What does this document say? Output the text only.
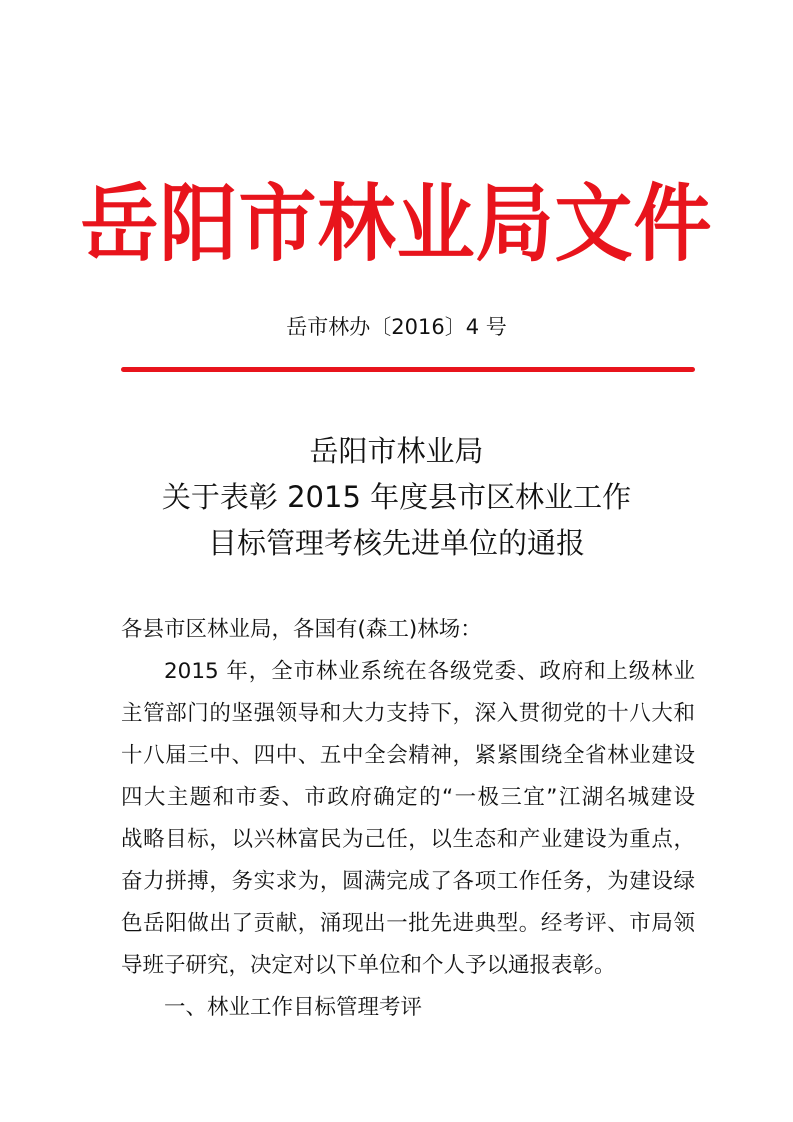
岳阳市林业局文件
岳市林办〔2016〕4 号
岳阳市林业局
关于表彰 2015 年度县市区林业工作
目标管理考核先进单位的通报
各县市区林业局，各国有(森工)林场：
2015 年，全市林业系统在各级党委、政府和上级林业
主管部门的坚强领导和大力支持下，深入贯彻党的十八大和
十八届三中、四中、五中全会精神，紧紧围绕全省林业建设
四大主题和市委、市政府确定的“一极三宜”江湖名城建设
战略目标，以兴林富民为己任，以生态和产业建设为重点，
奋力拼搏，务实求为，圆满完成了各项工作任务，为建设绿
色岳阳做出了贡献，涌现出一批先进典型。经考评、市局领
导班子研究，决定对以下单位和个人予以通报表彰。
一、林业工作目标管理考评
